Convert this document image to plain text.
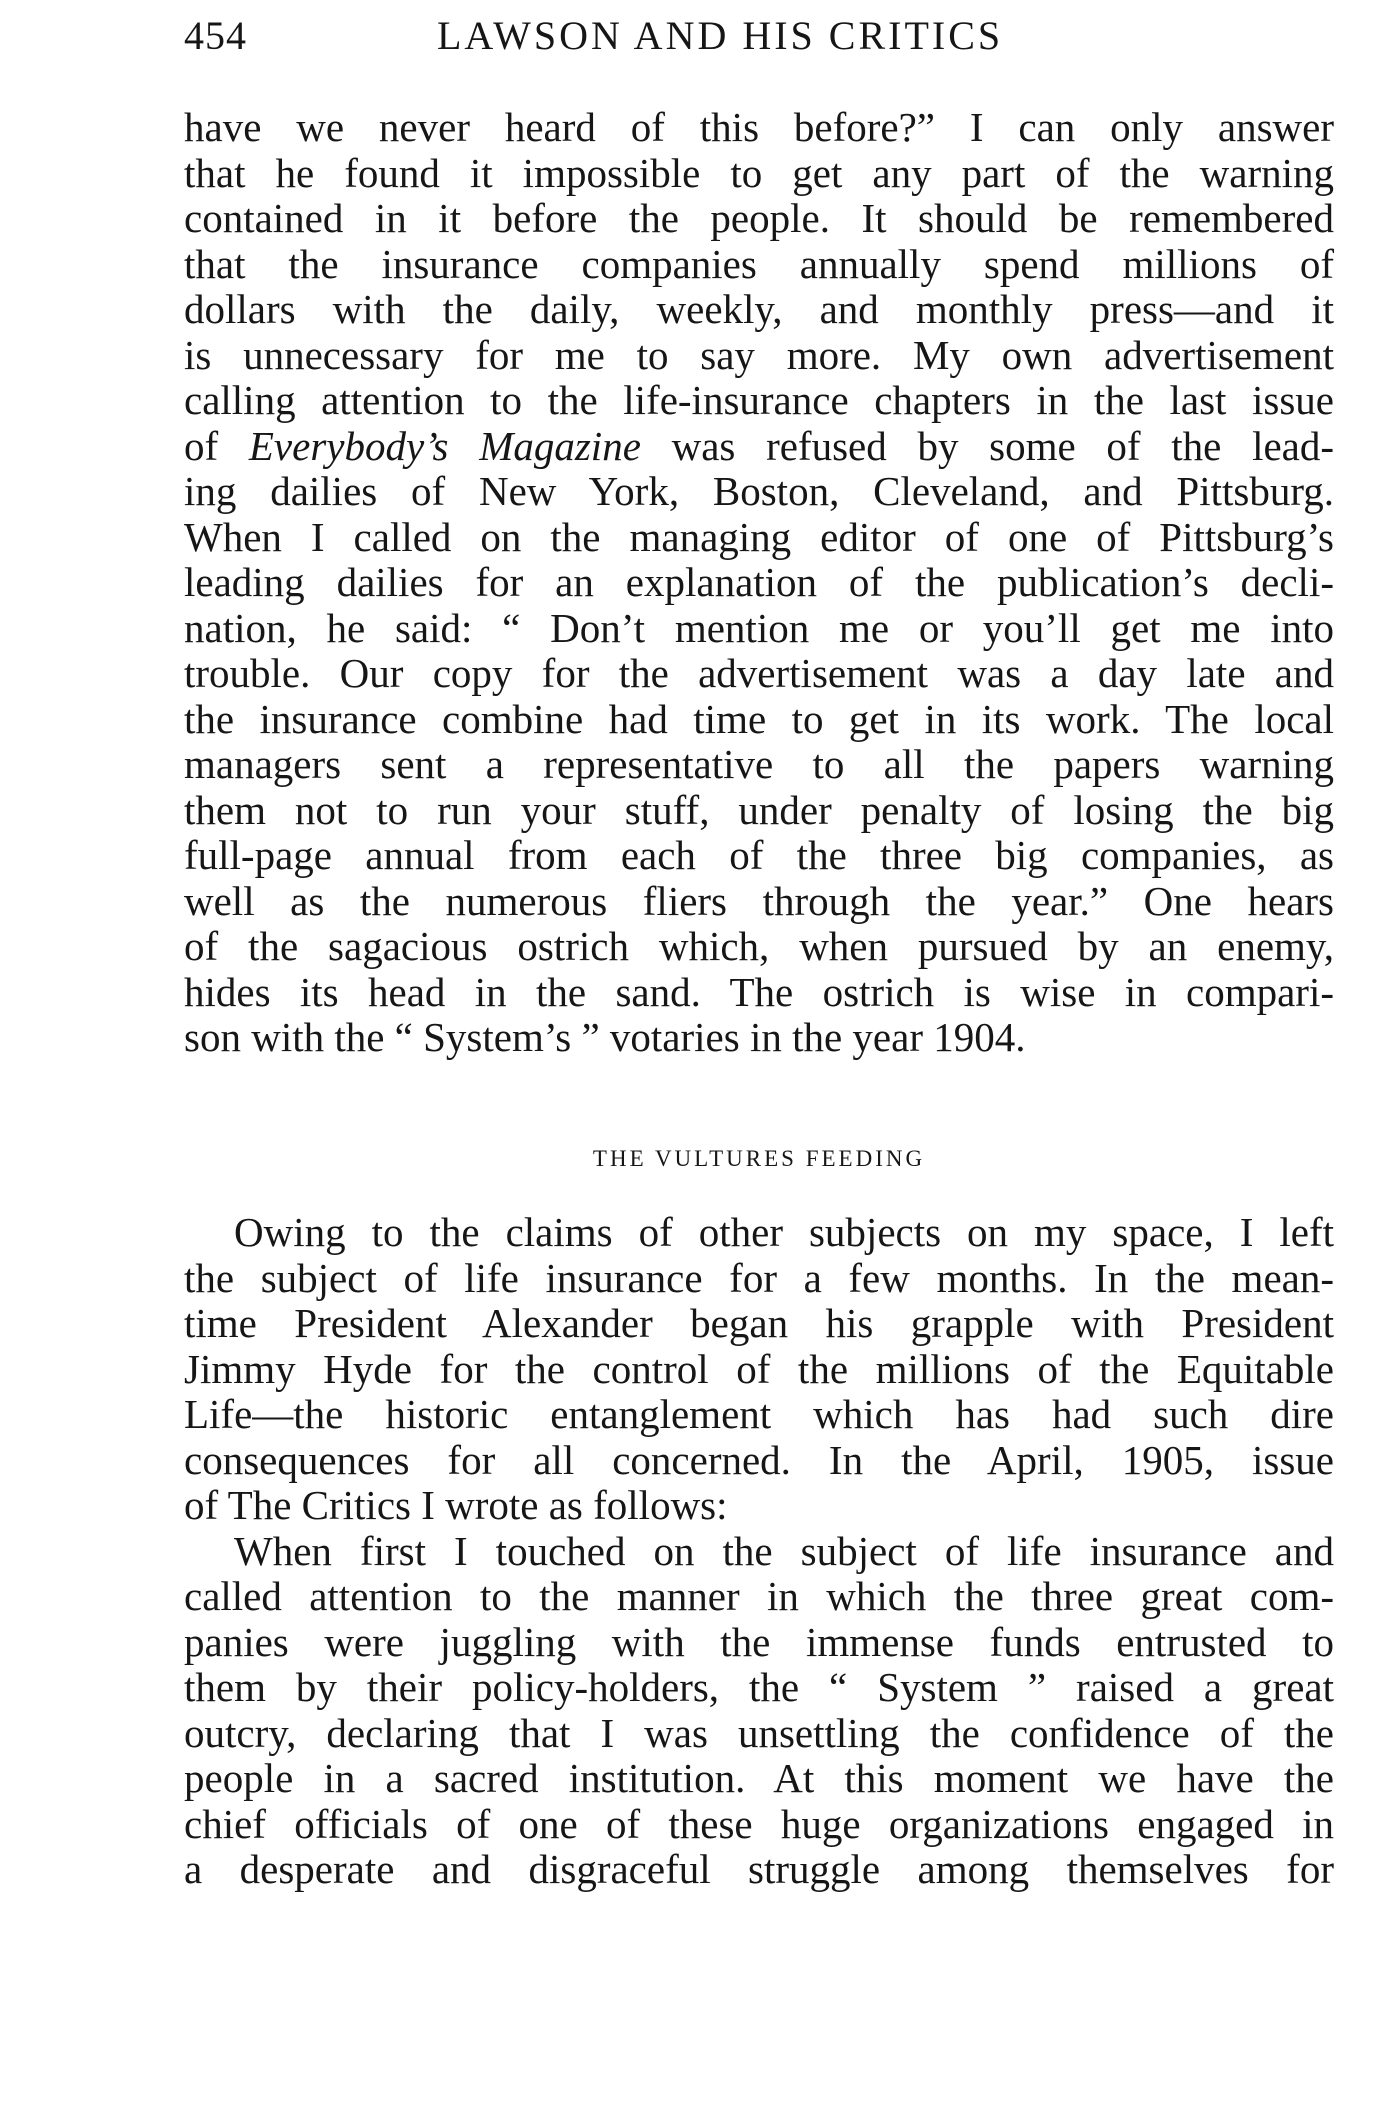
454	LAWSON AND HIS CRITICS
have we never heard of this before?” I can only answer
that he found it impossible to get any part of the warning
contained in it before the people. It should be remembered
that the insurance companies annually spend millions of
dollars with the daily, weekly, and monthly press—and it
is unnecessary for me to say more. My own advertisement
calling attention to the life-insurance chapters in the last issue
of Everybody’s Magazine was refused by some of the lead-
ing dailies of New York, Boston, Cleveland, and Pittsburg.
When I called on the managing editor of one of Pittsburg’s
leading dailies for an explanation of the publication’s decli-
nation, he said: “ Don’t mention me or you’ll get me into
trouble. Our copy for the advertisement was a day late and
the insurance combine had time to get in its work. The local
managers sent a representative to all the papers warning
them not to run your stuff, under penalty of losing the big
full-page annual from each of the three big companies, as
well as the numerous fliers through the year.” One hears
of the sagacious ostrich which, when pursued by an enemy,
hides its head in the sand. The ostrich is wise in compari-
son with the “ System’s ” votaries in the year 1904.
THE VULTURES FEEDING
Owing to the claims of other subjects on my space, I left
the subject of life insurance for a few months. In the mean-
time President Alexander began his grapple with President
Jimmy Hyde for the control of the millions of the Equitable
Life—the historic entanglement which has had such dire
consequences for all concerned. In the April, 1905, issue
of The Critics I wrote as follows:
When first I touched on the subject of life insurance and
called attention to the manner in which the three great com-
panies were juggling with the immense funds entrusted to
them by their policy-holders, the “ System ” raised a great
outcry, declaring that I was unsettling the confidence of the
people in a sacred institution. At this moment we have the
chief officials of one of these huge organizations engaged in
a desperate and disgraceful struggle among themselves for
